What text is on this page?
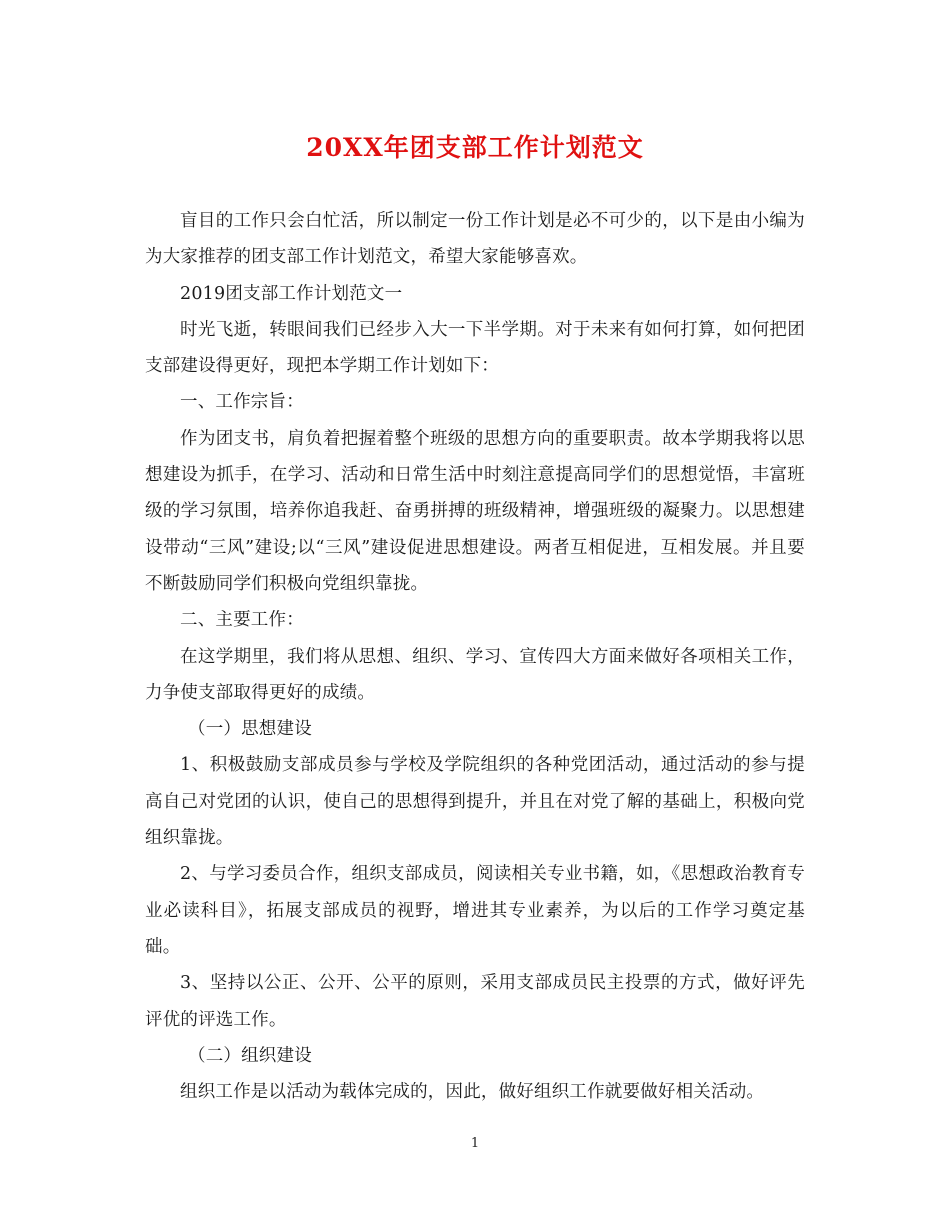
20XX年团支部工作计划范文

盲目的工作只会白忙活，所以制定一份工作计划是必不可少的，以下是由小编为为大家推荐的团支部工作计划范文，希望大家能够喜欢。

2019团支部工作计划范文一

时光飞逝，转眼间我们已经步入大一下半学期。对于未来有如何打算，如何把团支部建设得更好，现把本学期工作计划如下：

一、工作宗旨：

作为团支书，肩负着把握着整个班级的思想方向的重要职责。故本学期我将以思想建设为抓手，在学习、活动和日常生活中时刻注意提高同学们的思想觉悟，丰富班级的学习氛围，培养你追我赶、奋勇拼搏的班级精神，增强班级的凝聚力。以思想建设带动“三风”建设;以“三风”建设促进思想建设。两者互相促进，互相发展。并且要不断鼓励同学们积极向党组织靠拢。

二、主要工作：

在这学期里，我们将从思想、组织、学习、宣传四大方面来做好各项相关工作，力争使支部取得更好的成绩。

（一）思想建设

1、积极鼓励支部成员参与学校及学院组织的各种党团活动，通过活动的参与提高自己对党团的认识，使自己的思想得到提升，并且在对党了解的基础上，积极向党组织靠拢。

2、与学习委员合作，组织支部成员，阅读相关专业书籍，如，《思想政治教育专业必读科目》，拓展支部成员的视野，增进其专业素养，为以后的工作学习奠定基础。

3、坚持以公正、公开、公平的原则，采用支部成员民主投票的方式，做好评先评优的评选工作。

（二）组织建设

组织工作是以活动为载体完成的，因此，做好组织工作就要做好相关活动。

1
